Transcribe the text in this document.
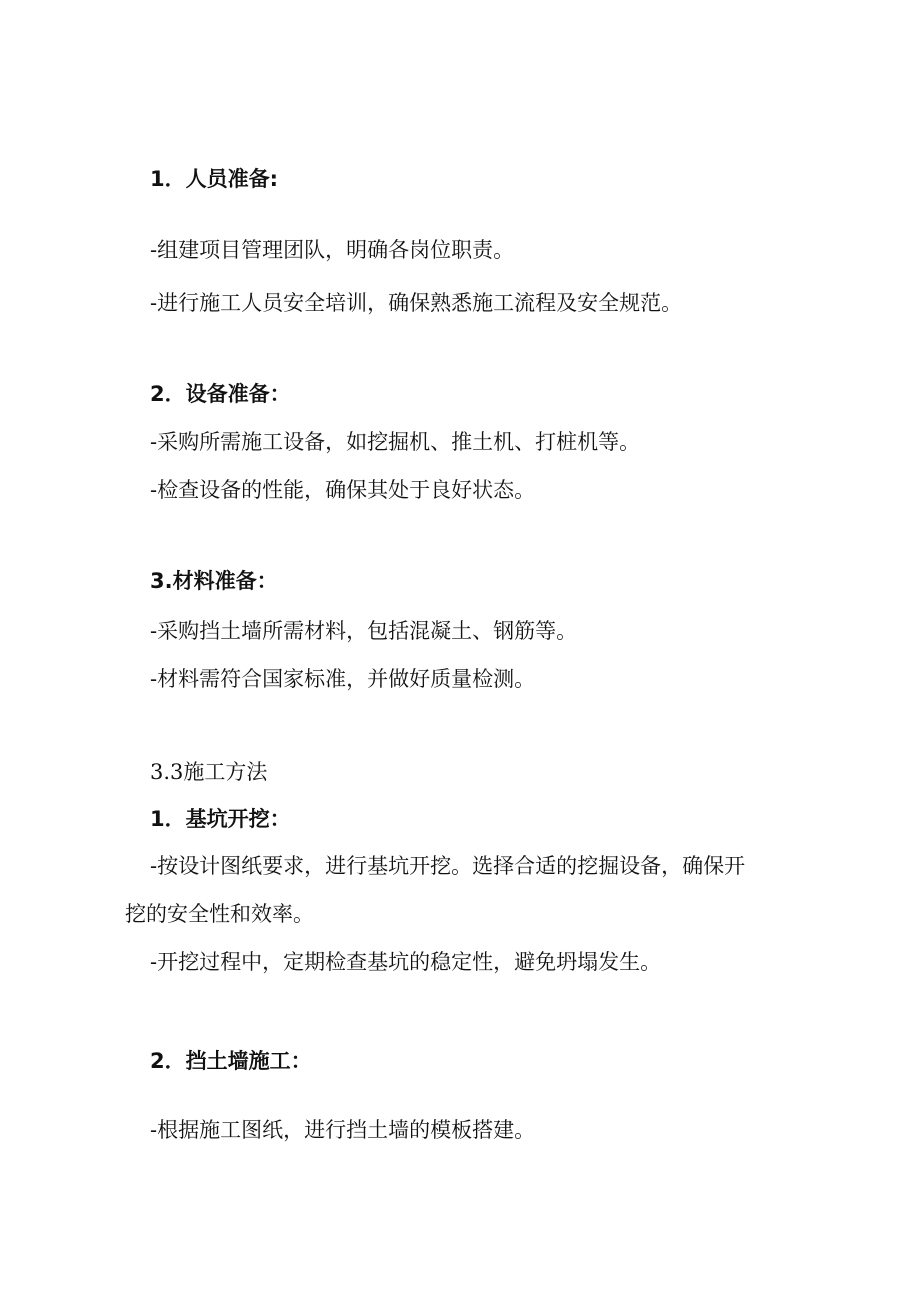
1．人员准备:
-组建项目管理团队，明确各岗位职责。
-进行施工人员安全培训，确保熟悉施工流程及安全规范。
2．设备准备：
-采购所需施工设备，如挖掘机、推土机、打桩机等。
-检查设备的性能，确保其处于良好状态。
3.材料准备：
-采购挡土墙所需材料，包括混凝土、钢筋等。
-材料需符合国家标准，并做好质量检测。
3.3施工方法
1．基坑开挖：
-按设计图纸要求，进行基坑开挖。选择合适的挖掘设备，确保开
挖的安全性和效率。
-开挖过程中，定期检查基坑的稳定性，避免坍塌发生。
2．挡土墙施工：
-根据施工图纸，进行挡土墙的模板搭建。
